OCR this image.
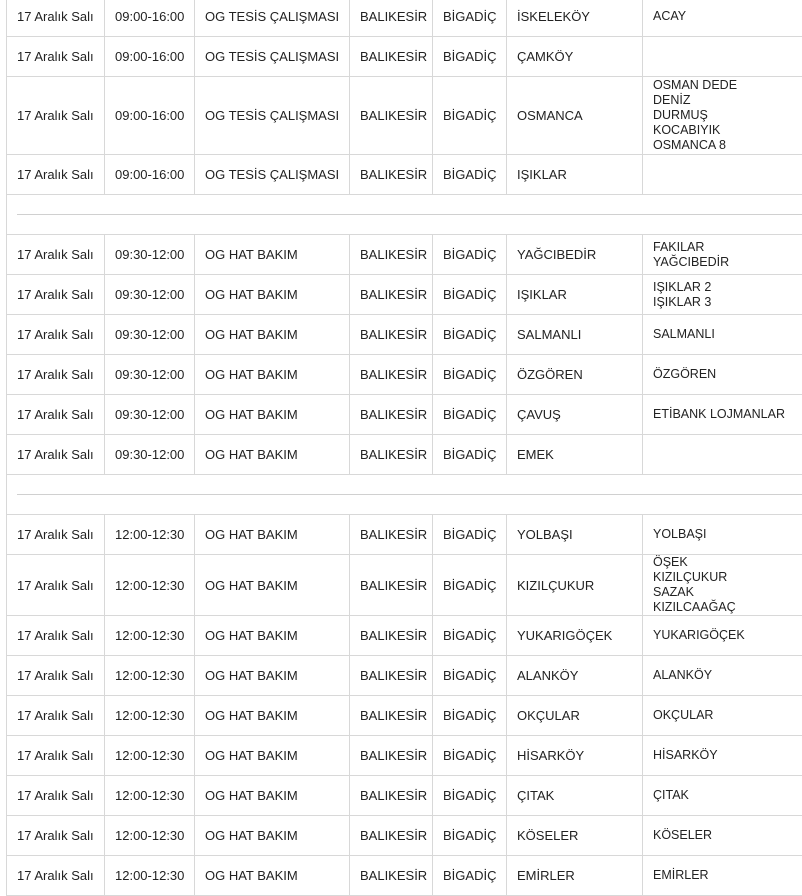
17 Aralık Salı	09:00-16:00	OG TESİS ÇALIŞMASI	BALIKESİR	BİGADİÇ	İSKELEKÖY	ACAY

17 Aralık Salı	09:00-16:00	OG TESİS ÇALIŞMASI	BALIKESİR	BİGADİÇ	ÇAMKÖY	
17 Aralık Salı	09:00-16:00	OG TESİS ÇALIŞMASI	BALIKESİR	BİGADİÇ	OSMANCA	OSMAN DEDE
DENİZ
DURMUŞ
KOCABIYIK
OSMANCA 8

17 Aralık Salı	09:00-16:00	OG TESİS ÇALIŞMASI	BALIKESİR	BİGADİÇ	IŞIKLAR	

17 Aralık Salı	09:30-12:00	OG HAT BAKIM	BALIKESİR	BİGADİÇ	YAĞCIBEDİR	FAKILAR
YAĞCIBEDİR

17 Aralık Salı	09:30-12:00	OG HAT BAKIM	BALIKESİR	BİGADİÇ	IŞIKLAR	IŞIKLAR 2
IŞIKLAR 3

17 Aralık Salı	09:30-12:00	OG HAT BAKIM	BALIKESİR	BİGADİÇ	SALMANLI	SALMANLI

17 Aralık Salı	09:30-12:00	OG HAT BAKIM	BALIKESİR	BİGADİÇ	ÖZGÖREN	ÖZGÖREN

17 Aralık Salı	09:30-12:00	OG HAT BAKIM	BALIKESİR	BİGADİÇ	ÇAVUŞ	ETİBANK LOJMANLAR

17 Aralık Salı	09:30-12:00	OG HAT BAKIM	BALIKESİR	BİGADİÇ	EMEK	

17 Aralık Salı	12:00-12:30	OG HAT BAKIM	BALIKESİR	BİGADİÇ	YOLBAŞI	YOLBAŞI

17 Aralık Salı	12:00-12:30	OG HAT BAKIM	BALIKESİR	BİGADİÇ	KIZILÇUKUR	ÖŞEK
KIZILÇUKUR
SAZAK
KIZILCAAĞAÇ

17 Aralık Salı	12:00-12:30	OG HAT BAKIM	BALIKESİR	BİGADİÇ	YUKARIGÖÇEK	YUKARIGÖÇEK

17 Aralık Salı	12:00-12:30	OG HAT BAKIM	BALIKESİR	BİGADİÇ	ALANKÖY	ALANKÖY

17 Aralık Salı	12:00-12:30	OG HAT BAKIM	BALIKESİR	BİGADİÇ	OKÇULAR	OKÇULAR

17 Aralık Salı	12:00-12:30	OG HAT BAKIM	BALIKESİR	BİGADİÇ	HİSARKÖY	HİSARKÖY

17 Aralık Salı	12:00-12:30	OG HAT BAKIM	BALIKESİR	BİGADİÇ	ÇITAK	ÇITAK

17 Aralık Salı	12:00-12:30	OG HAT BAKIM	BALIKESİR	BİGADİÇ	KÖSELER	KÖSELER

17 Aralık Salı	12:00-12:30	OG HAT BAKIM	BALIKESİR	BİGADİÇ	EMİRLER	EMİRLER
